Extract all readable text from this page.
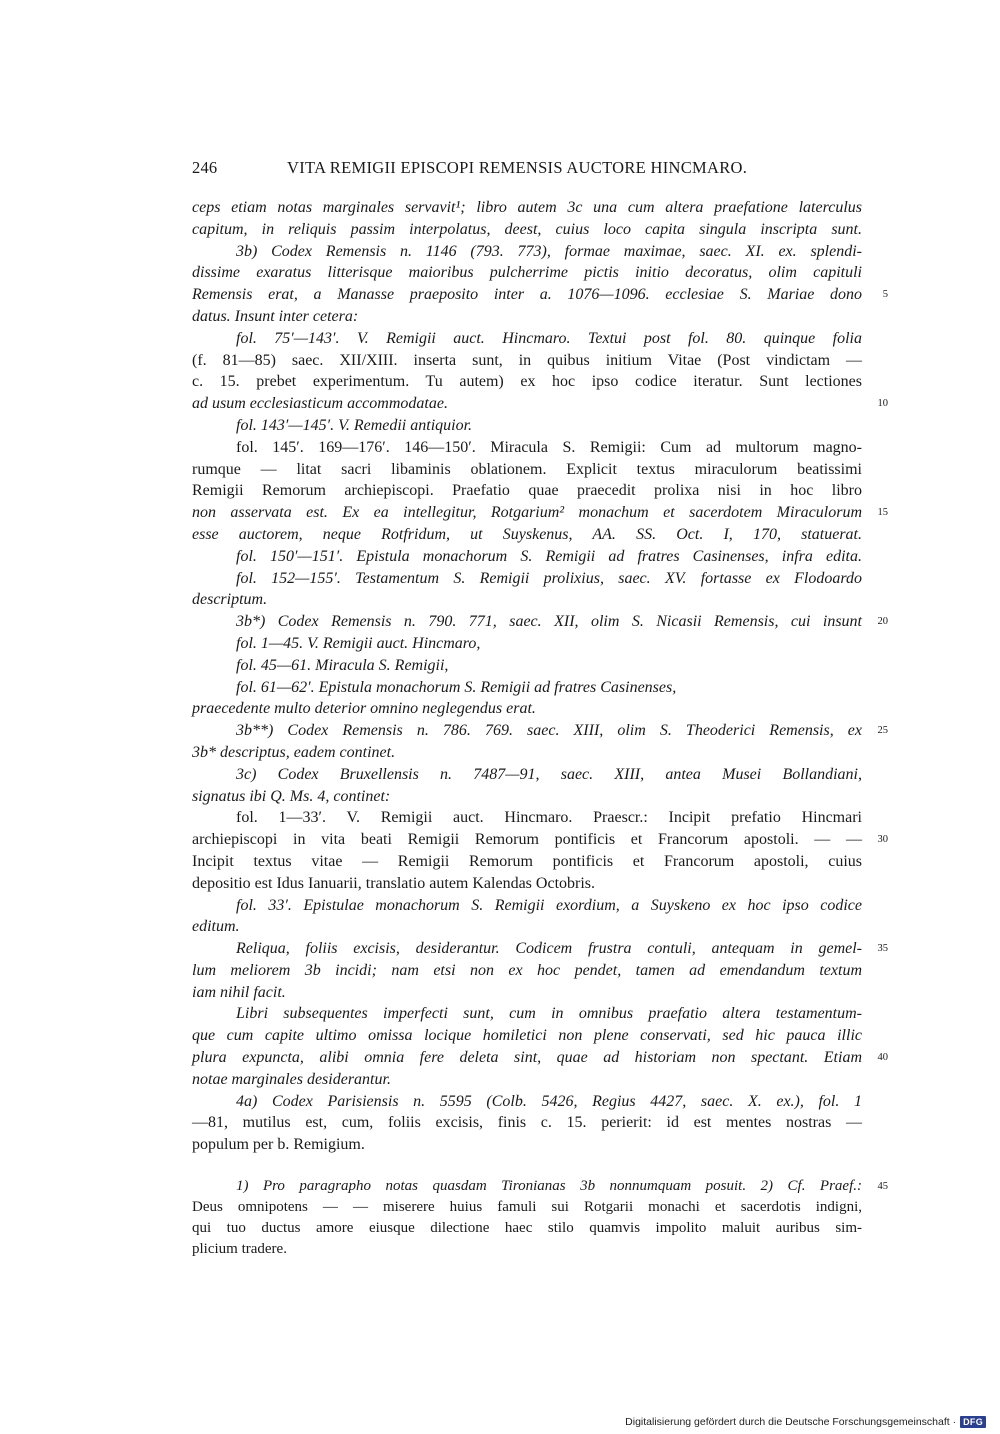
246	VITA REMIGII EPISCOPI REMENSIS AUCTORE HINCMARO.
ceps etiam notas marginales servavit¹; libro autem 3c una cum altera praefatione laterculus
capitum, in reliquis passim interpolatus, deest, cuius loco capita singula inscripta sunt.
3b) Codex Remensis n. 1146 (793. 773), formae maximae, saec. XI. ex. splendi-
dissime exaratus litterisque maioribus pulcherrime pictis initio decoratus, olim capituli
Remensis erat, a Manasse praeposito inter a. 1076—1096. ecclesiae S. Mariae dono	5
datus. Insunt inter cetera:
fol. 75′—143′. V. Remigii auct. Hincmaro. Textui post fol. 80. quinque folia
(f. 81—85) saec. XII/XIII. inserta sunt, in quibus initium Vitae (Post vindictam —
c. 15. prebet experimentum. Tu autem) ex hoc ipso codice iteratur. Sunt lectiones
ad usum ecclesiasticum accommodatae.	10
fol. 143′—145′. V. Remedii antiquior.
fol. 145′. 169—176′. 146—150′. Miracula S. Remigii: Cum ad multorum magno-
rumque — litat sacri libaminis oblationem. Explicit textus miraculorum beatissimi
Remigii Remorum archiepiscopi. Praefatio quae praecedit prolixa nisi in hoc libro
non asservata est. Ex ea intellegitur, Rotgarium² monachum et sacerdotem Miraculorum	15
esse auctorem, neque Rotfridum, ut Suyskenus, AA. SS. Oct. I, 170, statuerat.
fol. 150′—151′. Epistula monachorum S. Remigii ad fratres Casinenses, infra edita.
fol. 152—155′. Testamentum S. Remigii prolixius, saec. XV. fortasse ex Flodoardo
descriptum.
3b*) Codex Remensis n. 790. 771, saec. XII, olim S. Nicasii Remensis, cui insunt	20
fol. 1—45. V. Remigii auct. Hincmaro,
fol. 45—61. Miracula S. Remigii,
fol. 61—62′. Epistula monachorum S. Remigii ad fratres Casinenses,
praecedente multo deterior omnino neglegendus erat.
3b**) Codex Remensis n. 786. 769. saec. XIII, olim S. Theoderici Remensis, ex	25
3b* descriptus, eadem continet.
3c) Codex Bruxellensis n. 7487—91, saec. XIII, antea Musei Bollandiani,
signatus ibi Q. Ms. 4, continet:
fol. 1—33′. V. Remigii auct. Hincmaro. Praescr.: Incipit prefatio Hincmari
archiepiscopi in vita beati Remigii Remorum pontificis et Francorum apostoli. — —	30
Incipit textus vitae — Remigii Remorum pontificis et Francorum apostoli, cuius
depositio est Idus Ianuarii, translatio autem Kalendas Octobris.
fol. 33′. Epistulae monachorum S. Remigii exordium, a Suyskeno ex hoc ipso codice
editum.
Reliqua, foliis excisis, desiderantur. Codicem frustra contuli, antequam in gemel-	35
lum meliorem 3b incidi; nam etsi non ex hoc pendet, tamen ad emendandum textum
iam nihil facit.
Libri subsequentes imperfecti sunt, cum in omnibus praefatio altera testamentum-
que cum capite ultimo omissa locique homiletici non plene conservati, sed hic pauca illic
plura expuncta, alibi omnia fere deleta sint, quae ad historiam non spectant. Etiam	40
notae marginales desiderantur.
4a) Codex Parisiensis n. 5595 (Colb. 5426, Regius 4427, saec. X. ex.), fol. 1
—81, mutilus est, cum, foliis excisis, finis c. 15. perierit: id est mentes nostras —
populum per b. Remigium.
1) Pro paragrapho notas quasdam Tironianas 3b nonnumquam posuit. 2) Cf. Praef.:	45
Deus omnipotens — — miserere huius famuli sui Rotgarii monachi et sacerdotis indigni,
qui tuo ductus amore eiusque dilectione haec stilo quamvis impolito maluit auribus sim-
plicium tradere.
Digitalisierung gefördert durch die Deutsche Forschungsgemeinschaft · DFG
